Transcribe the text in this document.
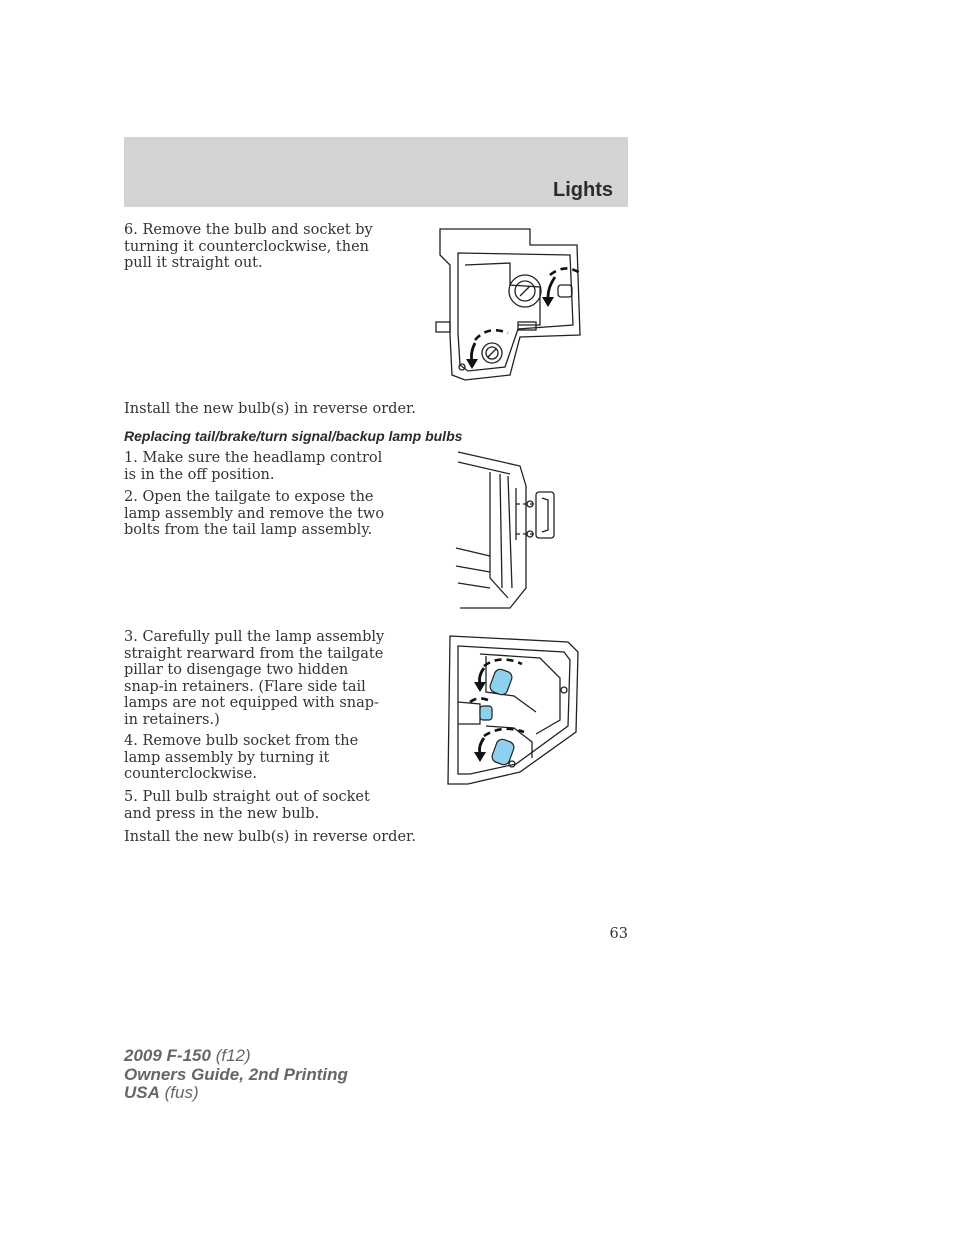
Lights
6. Remove the bulb and socket by turning it counterclockwise, then pull it straight out.
Install the new bulb(s) in reverse order.
Replacing tail/brake/turn signal/backup lamp bulbs
1. Make sure the headlamp control is in the off position.
2. Open the tailgate to expose the lamp assembly and remove the two bolts from the tail lamp assembly.
3. Carefully pull the lamp assembly straight rearward from the tailgate pillar to disengage two hidden snap-in retainers. (Flare side tail lamps are not equipped with snap-in retainers.)
4. Remove bulb socket from the lamp assembly by turning it counterclockwise.
5. Pull bulb straight out of socket and press in the new bulb.
Install the new bulb(s) in reverse order.
63
2009 F-150 (f12)
Owners Guide, 2nd Printing
USA (fus)
